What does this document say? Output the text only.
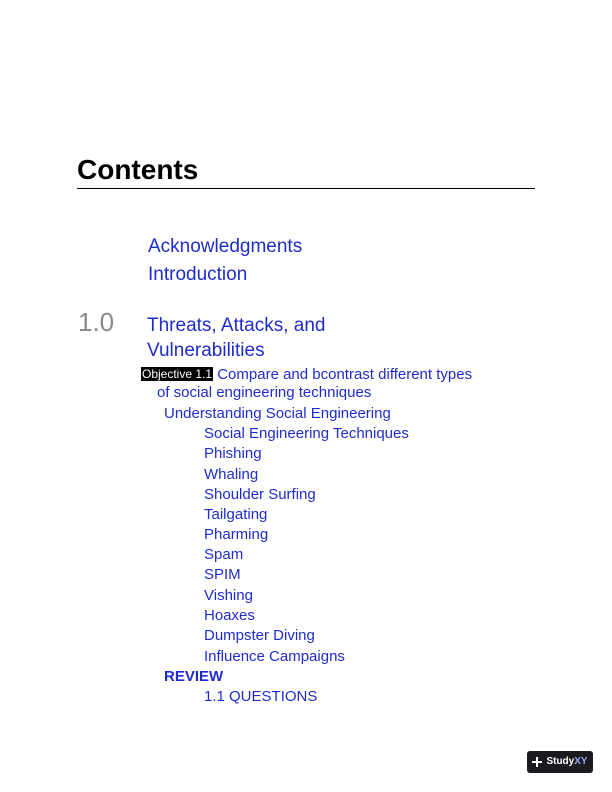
Contents
Acknowledgments
Introduction
1.0 Threats, Attacks, and Vulnerabilities
Objective 1.1 Compare and bcontrast different types
of social engineering techniques
Understanding Social Engineering
Social Engineering Techniques
Phishing
Whaling
Shoulder Surfing
Tailgating
Pharming
Spam
SPIM
Vishing
Hoaxes
Dumpster Diving
Influence Campaigns
REVIEW
1.1 QUESTIONS
StudyXY
